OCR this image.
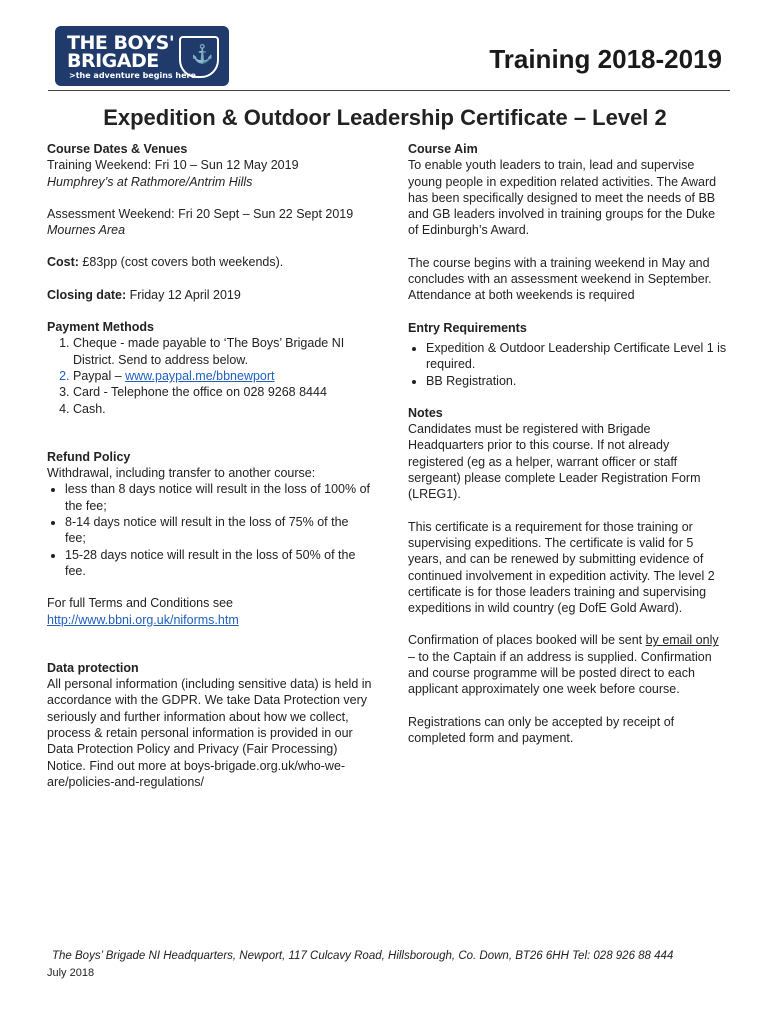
THE BOYS'
BRIGADE
>the adventure begins here
⚓	Training 2018-2019
Expedition & Outdoor Leadership Certificate – Level 2
Course Dates & Venues

Training Weekend: Fri 10 – Sun 12 May 2019

Humphrey’s at Rathmore/Antrim Hills

Assessment Weekend: Fri 20 Sept – Sun 22 Sept 2019

Mournes Area

Cost: £83pp (cost covers both weekends).

Closing date: Friday 12 April 2019

Payment Methods
1. Cheque - made payable to ‘The Boys’ Brigade NI District. Send to address below.
2. Paypal – www.paypal.me/bbnewport
3. Card - Telephone the office on 028 9268 8444
4. Cash.
Refund Policy

Withdrawal, including transfer to another course:

• less than 8 days notice will result in the loss of 100% of the fee;
• 8-14 days notice will result in the loss of 75% of the fee;
• 15-28 days notice will result in the loss of 50% of the fee.

For full Terms and Conditions see

http://www.bbni.org.uk/niforms.htm

Data protection

All personal information (including sensitive data) is held in accordance with the GDPR. We take Data Protection very seriously and further information about how we collect, process & retain personal information is provided in our Data Protection Policy and Privacy (Fair Processing) Notice. Find out more at boys-brigade.org.uk/who-we-are/policies-and-regulations/

Course Aim

To enable youth leaders to train, lead and supervise young people in expedition related activities. The Award has been specifically designed to meet the needs of BB and GB leaders involved in training groups for the Duke of Edinburgh’s Award.

The course begins with a training weekend in May and concludes with an assessment weekend in September. Attendance at both weekends is required

Entry Requirements
• Expedition & Outdoor Leadership Certificate Level 1 is required.
• BB Registration.
Notes

Candidates must be registered with Brigade Headquarters prior to this course. If not already registered (eg as a helper, warrant officer or staff sergeant) please complete Leader Registration Form (LREG1).

This certificate is a requirement for those training or supervising expeditions. The certificate is valid for 5 years, and can be renewed by submitting evidence of continued involvement in expedition activity. The level 2 certificate is for those leaders training and supervising expeditions in wild country (eg DofE Gold Award).

Confirmation of places booked will be sent by email only – to the Captain if an address is supplied. Confirmation and course programme will be posted direct to each applicant approximately one week before course.

Registrations can only be accepted by receipt of completed form and payment.

The Boys’ Brigade NI Headquarters, Newport, 117 Culcavy Road, Hillsborough, Co. Down, BT26 6HH Tel: 028 926 88 444
July 2018
